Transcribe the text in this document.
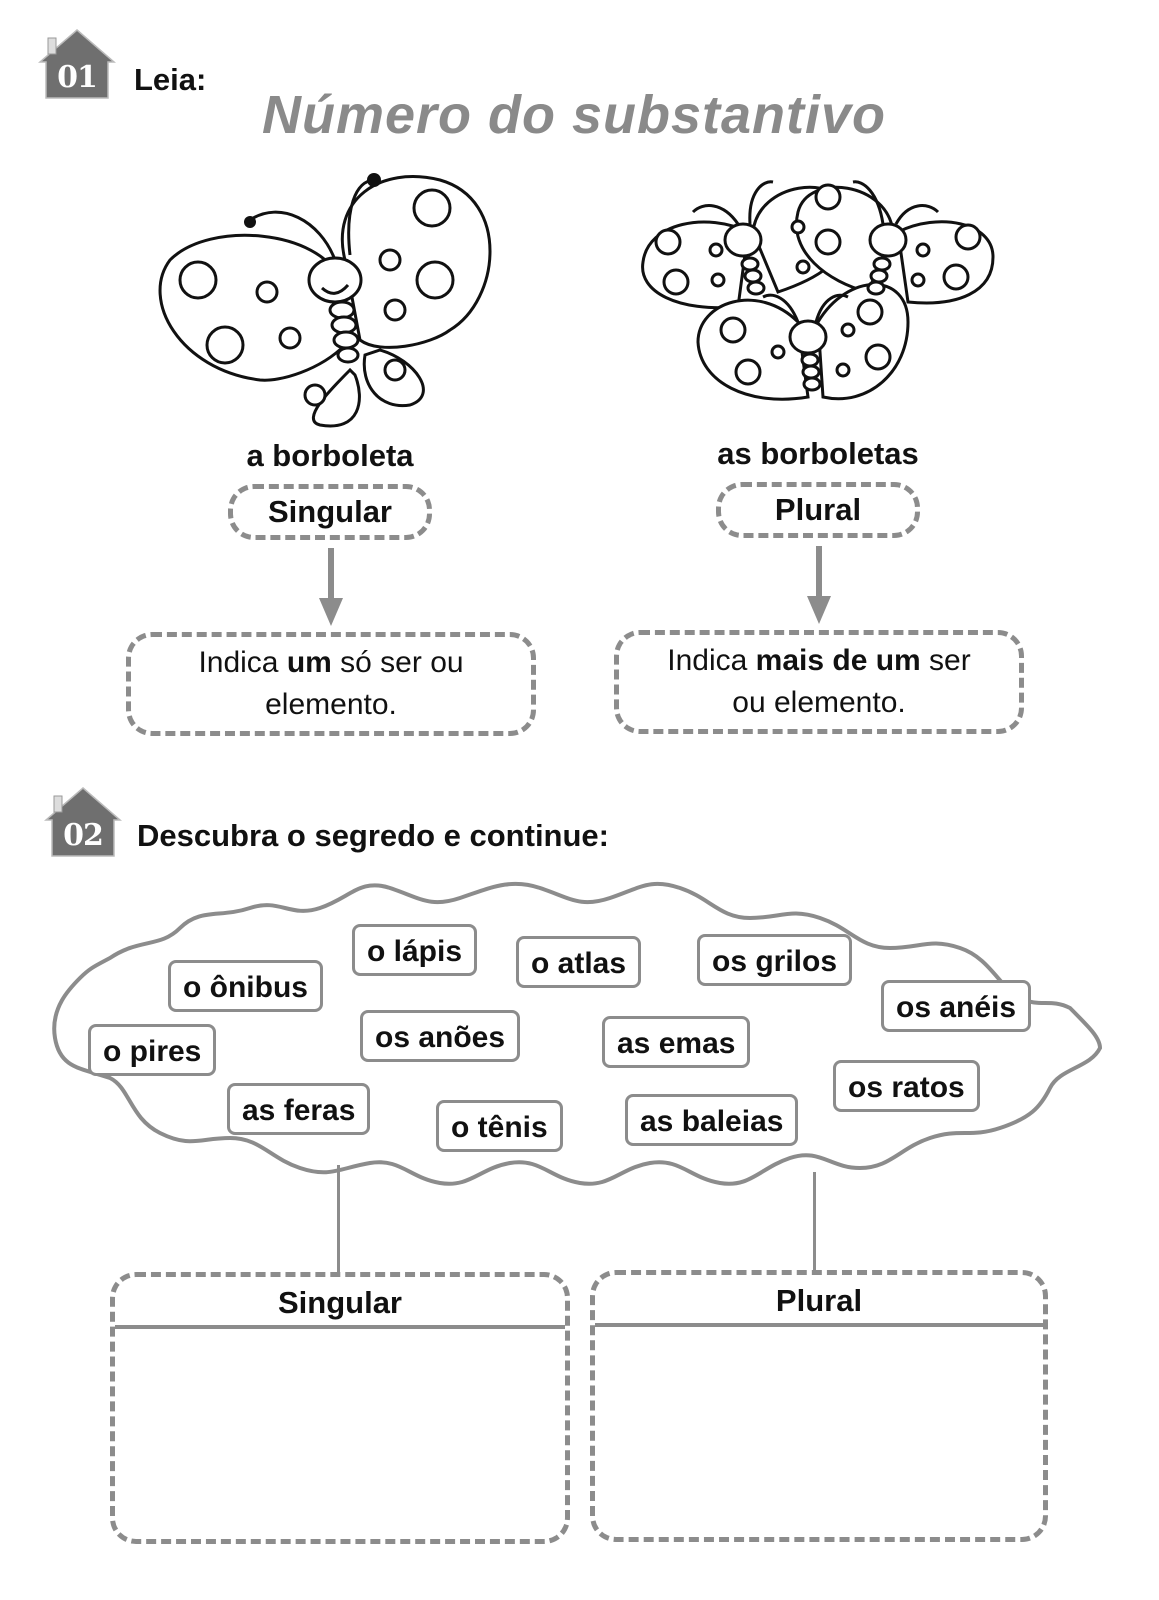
01	Leia:
Número do substantivo
a borboleta	as borboletas
Singular	Plural
Indica um só ser ou elemento.
Indica mais de um ser ou elemento.
02	Descubra o segredo e continue:
o ônibus
o lápis	o atlas	os grilos
os anéis
o pires	os anões	as emas
os ratos
as feras
o tênis	as baleias
Singular	Plural
